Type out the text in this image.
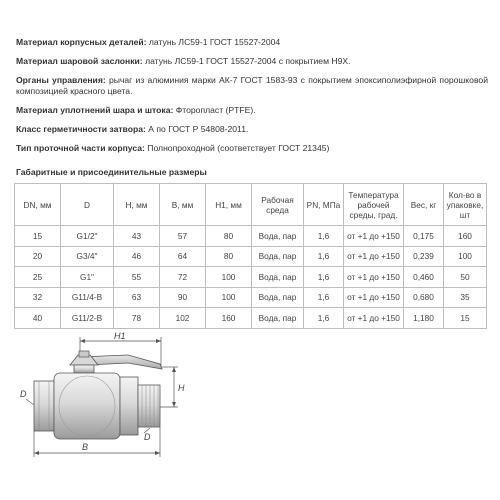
Материал корпусных деталей: латунь ЛС59-1 ГОСТ 15527-2004
Материал шаровой заслонки: латунь ЛС59-1 ГОСТ 15527-2004 с покрытием Н9Х.
Органы управления: рычаг из алюминия марки АК-7 ГОСТ 1583-93 с покрытием эпоксиполиэфирной порошковой композицией красного цвета.
Материал уплотнений шара и штока: Фторопласт (PTFE).
Класс герметичности затвора: А по ГОСТ Р 54808-2011.
Тип проточной части корпуса: Полнопроходной (соответствует ГОСТ 21345)
Габаритные и присоединительные размеры
DN, мм	D	Н, мм	В, мм	Н1, мм	Рабочая среда	PN, МПа	Температура рабочей среды, град.	Вес, кг	Кол-во в упаковке, шт
15	G1/2"	43	57	80	Вода, пар	1,6	от +1 до +150	0,175	160
20	G3/4"	46	64	80	Вода, пар	1,6	от +1 до +150	0,239	100
25	G1"	55	72	100	Вода, пар	1,6	от +1 до +150	0,460	50
32	G11/4-В	63	90	100	Вода, пар	1,6	от +1 до +150	0,680	35
40	G11/2-В	78	102	160	Вода, пар	1,6	от +1 до +150	1,180	15
H1
H
D
D
B
